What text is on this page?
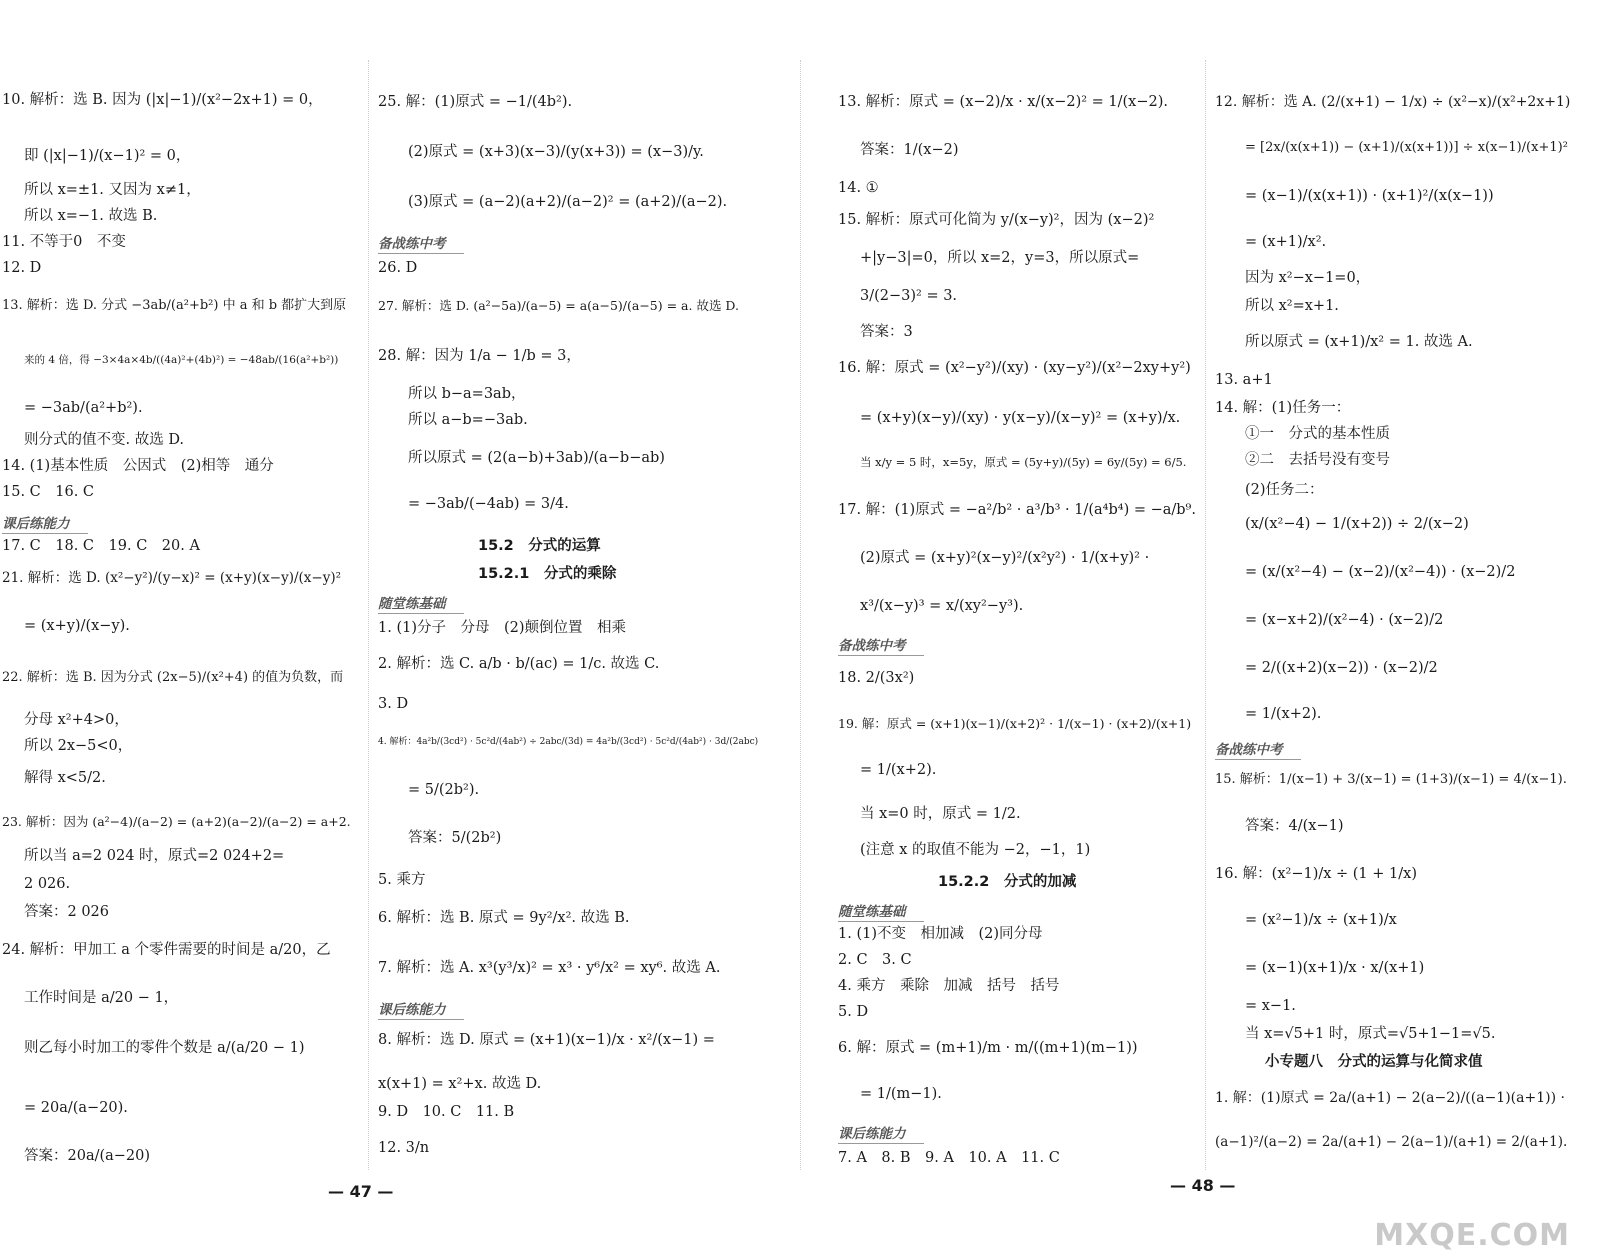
10. 解析：选 B. 因为 (|x|−1)/(x²−2x+1) = 0，
即 (|x|−1)/(x−1)² = 0，
所以 x=±1. 又因为 x≠1，
所以 x=−1. 故选 B.
11. 不等于0　不变
12. D
13. 解析：选 D. 分式 −3ab/(a²+b²) 中 a 和 b 都扩大到原
来的 4 倍，得 −3×4a×4b/((4a)²+(4b)²) = −48ab/(16(a²+b²))
= −3ab/(a²+b²).
则分式的值不变. 故选 D.
14. (1)基本性质　公因式　(2)相等　通分
15. C　16. C
课后练能力
17. C　18. C　19. C　20. A
21. 解析：选 D. (x²−y²)/(y−x)² = (x+y)(x−y)/(x−y)²
= (x+y)/(x−y).
22. 解析：选 B. 因为分式 (2x−5)/(x²+4) 的值为负数，而
分母 x²+4>0，
所以 2x−5<0，
解得 x<5/2.
23. 解析：因为 (a²−4)/(a−2) = (a+2)(a−2)/(a−2) = a+2.
所以当 a=2 024 时，原式=2 024+2=
2 026.
答案：2 026
24. 解析：甲加工 a 个零件需要的时间是 a/20，乙
工作时间是 a/20 − 1，
则乙每小时加工的零件个数是 a/(a/20 − 1)
= 20a/(a−20).
答案：20a/(a−20)
25. 解：(1)原式 = −1/(4b²).
(2)原式 = (x+3)(x−3)/(y(x+3)) = (x−3)/y.
(3)原式 = (a−2)(a+2)/(a−2)² = (a+2)/(a−2).
备战练中考
26. D
27. 解析：选 D. (a²−5a)/(a−5) = a(a−5)/(a−5) = a. 故选 D.
28. 解：因为 1/a − 1/b = 3，
所以 b−a=3ab，
所以 a−b=−3ab.
所以原式 = (2(a−b)+3ab)/(a−b−ab)
= −3ab/(−4ab) = 3/4.
15.2　分式的运算
15.2.1　分式的乘除
随堂练基础
1. (1)分子　分母　(2)颠倒位置　相乘
2. 解析：选 C. a/b · b/(ac) = 1/c. 故选 C.
3. D
4. 解析：4a²b/(3cd²) · 5c²d/(4ab²) ÷ 2abc/(3d) = 4a²b/(3cd²) · 5c²d/(4ab²) · 3d/(2abc)
= 5/(2b²).
答案：5/(2b²)
5. 乘方
6. 解析：选 B. 原式 = 9y²/x². 故选 B.
7. 解析：选 A. x³(y³/x)² = x³ · y⁶/x² = xy⁶. 故选 A.
课后练能力
8. 解析：选 D. 原式 = (x+1)(x−1)/x · x²/(x−1) =
x(x+1) = x²+x. 故选 D.
9. D　10. C　11. B
12. 3/n
13. 解析：原式 = (x−2)/x · x/(x−2)² = 1/(x−2).
答案：1/(x−2)
14. ①
15. 解析：原式可化简为 y/(x−y)²，因为 (x−2)²
+|y−3|=0，所以 x=2，y=3，所以原式=
3/(2−3)² = 3.
答案：3
16. 解：原式 = (x²−y²)/(xy) · (xy−y²)/(x²−2xy+y²)
= (x+y)(x−y)/(xy) · y(x−y)/(x−y)² = (x+y)/x.
当 x/y = 5 时，x=5y，原式 = (5y+y)/(5y) = 6y/(5y) = 6/5.
17. 解：(1)原式 = −a²/b² · a³/b³ · 1/(a⁴b⁴) = −a/b⁹.
(2)原式 = (x+y)²(x−y)²/(x²y²) · 1/(x+y)² ·
x³/(x−y)³ = x/(xy²−y³).
备战练中考
18. 2/(3x²)
19. 解：原式 = (x+1)(x−1)/(x+2)² · 1/(x−1) · (x+2)/(x+1)
= 1/(x+2).
当 x=0 时，原式 = 1/2.
(注意 x 的取值不能为 −2，−1，1)
15.2.2　分式的加减
随堂练基础
1. (1)不变　相加减　(2)同分母
2. C　3. C
4. 乘方　乘除　加减　括号　括号
5. D
6. 解：原式 = (m+1)/m · m/((m+1)(m−1))
= 1/(m−1).
课后练能力
7. A　8. B　9. A　10. A　11. C
12. 解析：选 A. (2/(x+1) − 1/x) ÷ (x²−x)/(x²+2x+1)
= [2x/(x(x+1)) − (x+1)/(x(x+1))] ÷ x(x−1)/(x+1)²
= (x−1)/(x(x+1)) · (x+1)²/(x(x−1))
= (x+1)/x².
因为 x²−x−1=0，
所以 x²=x+1.
所以原式 = (x+1)/x² = 1. 故选 A.
13. a+1
14. 解：(1)任务一：
①一　分式的基本性质
②二　去括号没有变号
(2)任务二：
(x/(x²−4) − 1/(x+2)) ÷ 2/(x−2)
= (x/(x²−4) − (x−2)/(x²−4)) · (x−2)/2
= (x−x+2)/(x²−4) · (x−2)/2
= 2/((x+2)(x−2)) · (x−2)/2
= 1/(x+2).
备战练中考
15. 解析：1/(x−1) + 3/(x−1) = (1+3)/(x−1) = 4/(x−1).
答案：4/(x−1)
16. 解：(x²−1)/x ÷ (1 + 1/x)
= (x²−1)/x ÷ (x+1)/x
= (x−1)(x+1)/x · x/(x+1)
= x−1.
当 x=√5+1 时，原式=√5+1−1=√5.
小专题八　分式的运算与化简求值
1. 解：(1)原式 = 2a/(a+1) − 2(a−2)/((a−1)(a+1)) ·
(a−1)²/(a−2) = 2a/(a+1) − 2(a−1)/(a+1) = 2/(a+1).
— 47 —	— 48 —
MXQE.COM
